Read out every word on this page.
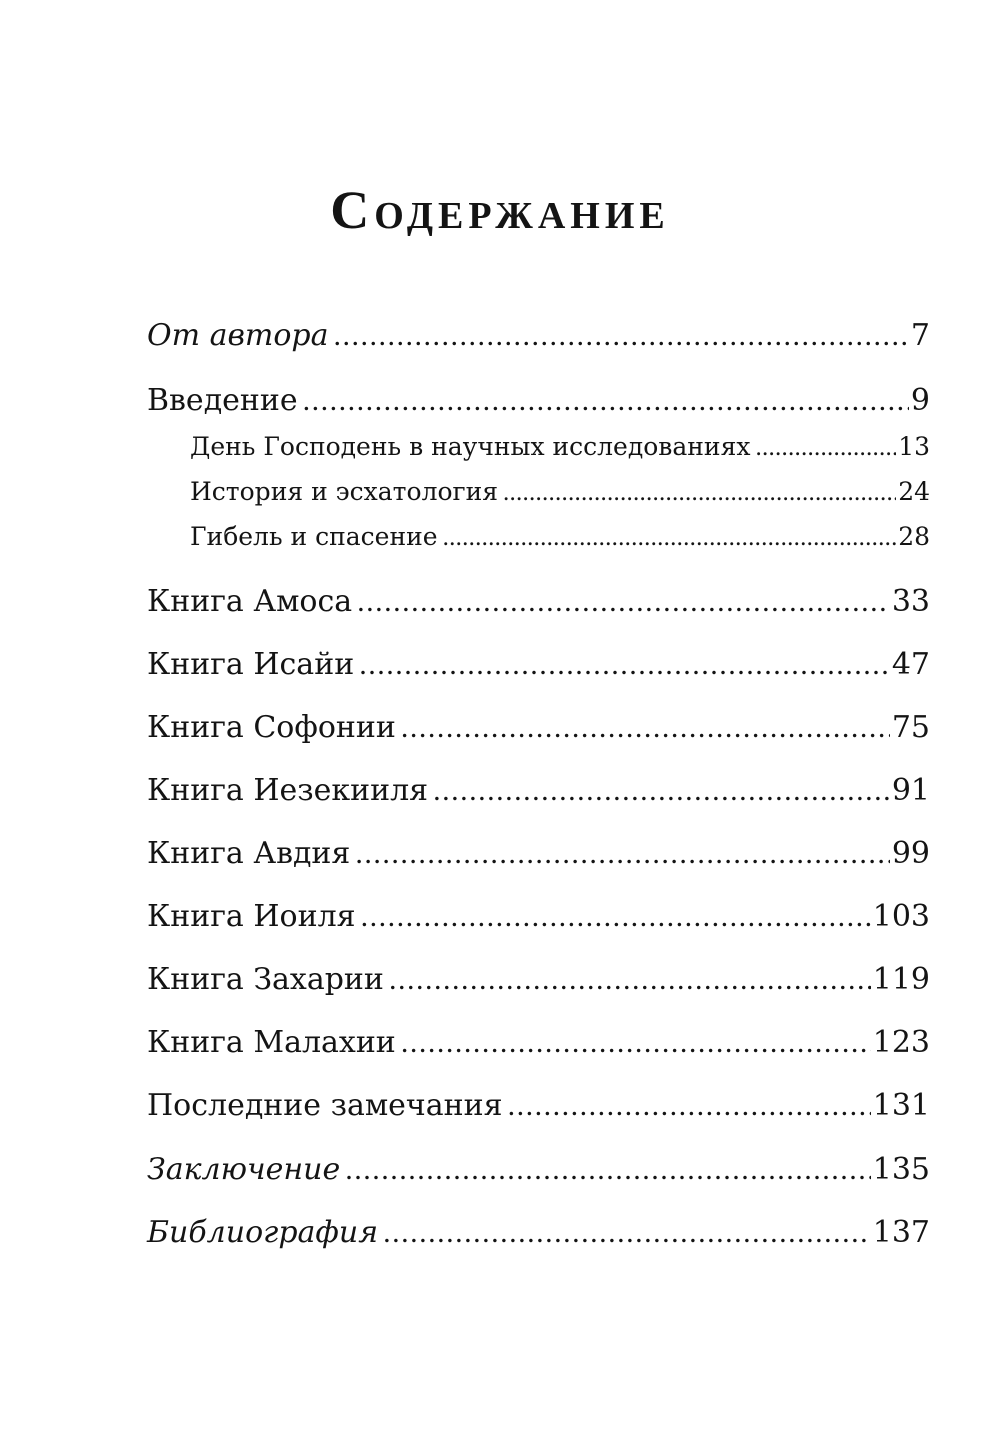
Содержание
От автора . . .	7
Введение . . .	9
День Господень в научных исследованиях . . .	13
История и эсхатология . . .	24
Гибель и спасение . . .	28
Книга Амоса . . .	33
Книга Исайи . . .	47
Книга Софонии . . .	75
Книга Иезекииля . . .	91
Книга Авдия . . .	99
Книга Иоиля . . .	103
Книга Захарии . . .	119
Книга Малахии . . .	123
Последние замечания . . .	131
Заключение . . .	135
Библиография . . .	137
